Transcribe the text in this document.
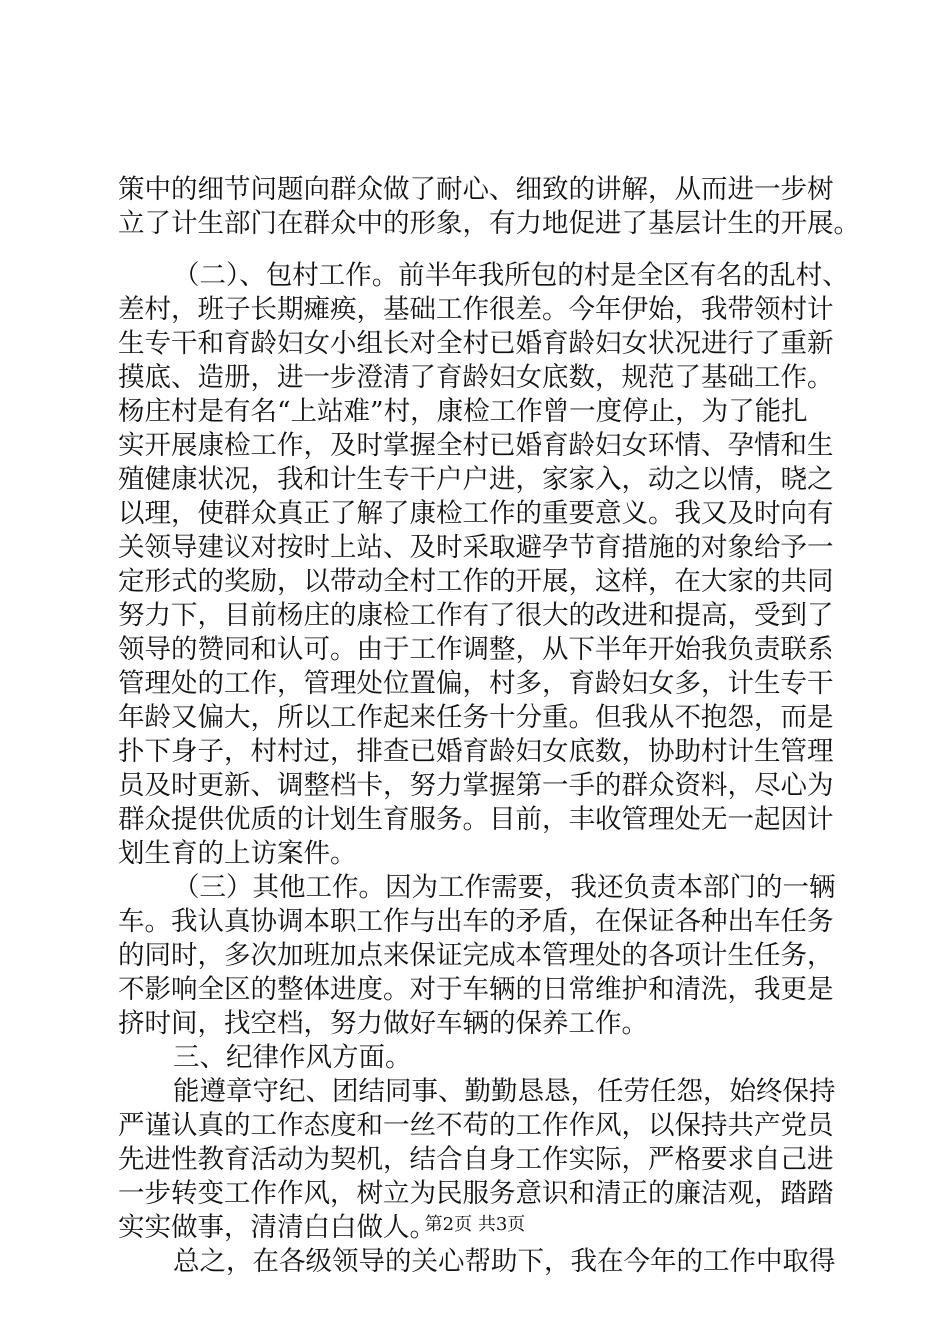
策中的细节问题向群众做了耐心、细致的讲解，从而进一步树
立了计生部门在群众中的形象，有力地促进了基层计生的开展。
（二）、包村工作。前半年我所包的村是全区有名的乱村、
差村，班子长期瘫痪，基础工作很差。今年伊始，我带领村计
生专干和育龄妇女小组长对全村已婚育龄妇女状况进行了重新
摸底、造册，进一步澄清了育龄妇女底数，规范了基础工作。
杨庄村是有名“上站难”村，康检工作曾一度停止，为了能扎
实开展康检工作，及时掌握全村已婚育龄妇女环情、孕情和生
殖健康状况，我和计生专干户户进，家家入，动之以情，晓之
以理，使群众真正了解了康检工作的重要意义。我又及时向有
关领导建议对按时上站、及时采取避孕节育措施的对象给予一
定形式的奖励，以带动全村工作的开展，这样，在大家的共同
努力下，目前杨庄的康检工作有了很大的改进和提高，受到了
领导的赞同和认可。由于工作调整，从下半年开始我负责联系
管理处的工作，管理处位置偏，村多，育龄妇女多，计生专干
年龄又偏大，所以工作起来任务十分重。但我从不抱怨，而是
扑下身子，村村过，排查已婚育龄妇女底数，协助村计生管理
员及时更新、调整档卡，努力掌握第一手的群众资料，尽心为
群众提供优质的计划生育服务。目前，丰收管理处无一起因计
划生育的上访案件。
（三）其他工作。因为工作需要，我还负责本部门的一辆
车。我认真协调本职工作与出车的矛盾，在保证各种出车任务
的同时，多次加班加点来保证完成本管理处的各项计生任务，
不影响全区的整体进度。对于车辆的日常维护和清洗，我更是
挤时间，找空档，努力做好车辆的保养工作。
三、纪律作风方面。
能遵章守纪、团结同事、勤勤恳恳，任劳任怨，始终保持
严谨认真的工作态度和一丝不苟的工作作风，以保持共产党员
先进性教育活动为契机，结合自身工作实际，严格要求自己进
一步转变工作作风，树立为民服务意识和清正的廉洁观，踏踏
实实做事，清清白白做人。
总之，在各级领导的关心帮助下，我在今年的工作中取得
第2页 共3页
